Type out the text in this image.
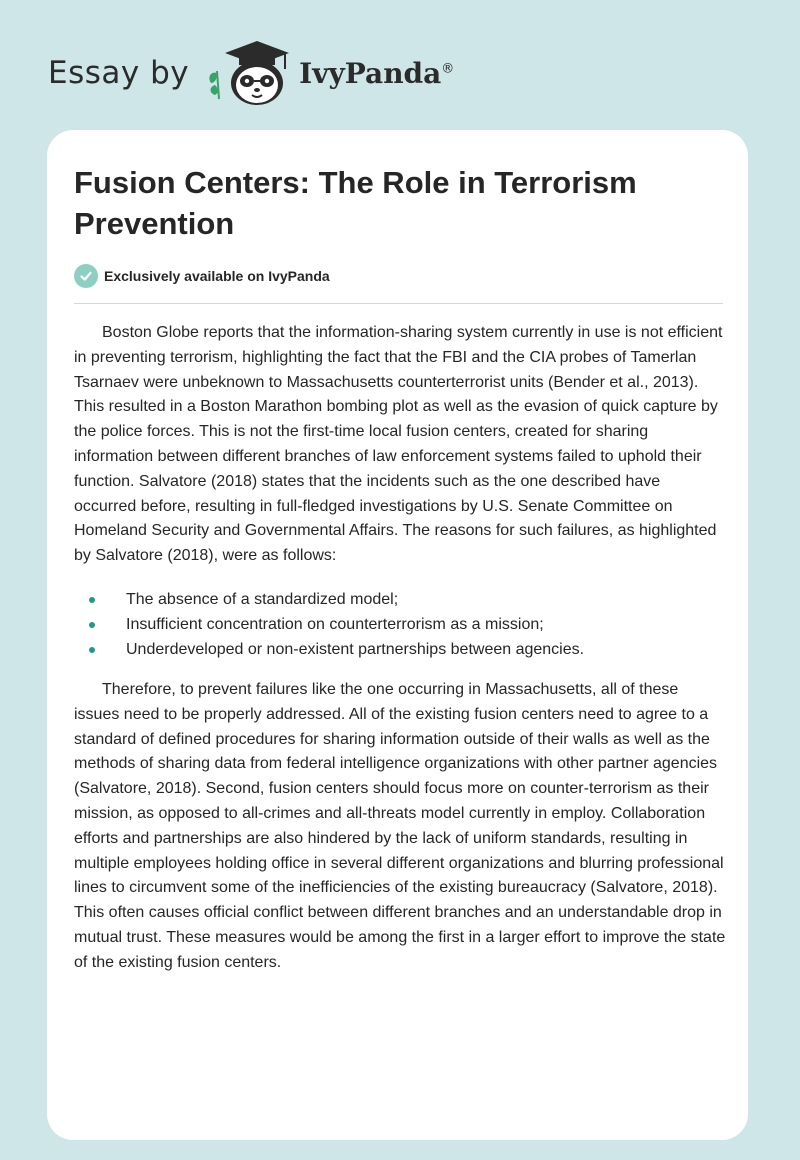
Essay by	IvyPanda®
Fusion Centers: The Role in Terrorism Prevention
Exclusively available on IvyPanda

Boston Globe reports that the information-sharing system currently in use is not efficient in preventing terrorism, highlighting the fact that the FBI and the CIA probes of Tamerlan Tsarnaev were unbeknown to Massachusetts counterterrorist units (Bender et al., 2013). This resulted in a Boston Marathon bombing plot as well as the evasion of quick capture by the police forces. This is not the first-time local fusion centers, created for sharing information between different branches of law enforcement systems failed to uphold their function. Salvatore (2018) states that the incidents such as the one described have occurred before, resulting in full-fledged investigations by U.S. Senate Committee on Homeland Security and Governmental Affairs. The reasons for such failures, as highlighted by Salvatore (2018), were as follows:

The absence of a standardized model;
Insufficient concentration on counterterrorism as a mission;
Underdeveloped or non-existent partnerships between agencies.

Therefore, to prevent failures like the one occurring in Massachusetts, all of these issues need to be properly addressed. All of the existing fusion centers need to agree to a standard of defined procedures for sharing information outside of their walls as well as the methods of sharing data from federal intelligence organizations with other partner agencies (Salvatore, 2018). Second, fusion centers should focus more on counter-terrorism as their mission, as opposed to all-crimes and all-threats model currently in employ. Collaboration efforts and partnerships are also hindered by the lack of uniform standards, resulting in multiple employees holding office in several different organizations and blurring professional lines to circumvent some of the inefficiencies of the existing bureaucracy (Salvatore, 2018). This often causes official conflict between different branches and an understandable drop in mutual trust. These measures would be among the first in a larger effort to improve the state of the existing fusion centers.
